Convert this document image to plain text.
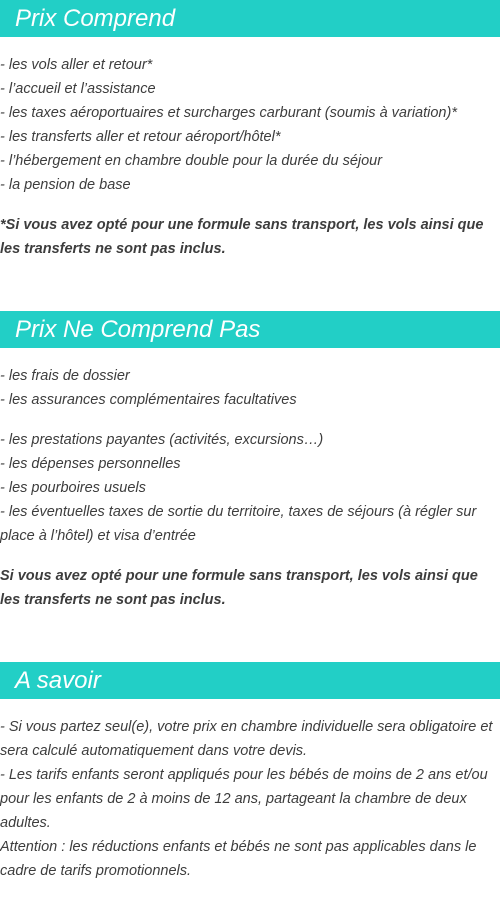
Prix Comprend
- les vols aller et retour*
- l’accueil et l’assistance
- les taxes aéroportuaires et surcharges carburant (soumis à variation)*
- les transferts aller et retour aéroport/hôtel*
- l’hébergement en chambre double pour la durée du séjour
- la pension de base
*Si vous avez opté pour une formule sans transport, les vols ainsi que les transferts ne sont pas inclus.
Prix Ne Comprend Pas
- les frais de dossier
- les assurances complémentaires facultatives
- les prestations payantes (activités, excursions…)
- les dépenses personnelles
- les pourboires usuels
- les éventuelles taxes de sortie du territoire, taxes de séjours (à régler sur place à l’hôtel) et visa d’entrée
Si vous avez opté pour une formule sans transport, les vols ainsi que les transferts ne sont pas inclus.
A savoir
- Si vous partez seul(e), votre prix en chambre individuelle sera obligatoire et sera calculé automatiquement dans votre devis.
- Les tarifs enfants seront appliqués pour les bébés de moins de 2 ans et/ou pour les enfants de 2 à moins de 12 ans, partageant la chambre de deux adultes.
Attention : les réductions enfants et bébés ne sont pas applicables dans le cadre de tarifs promotionnels.
